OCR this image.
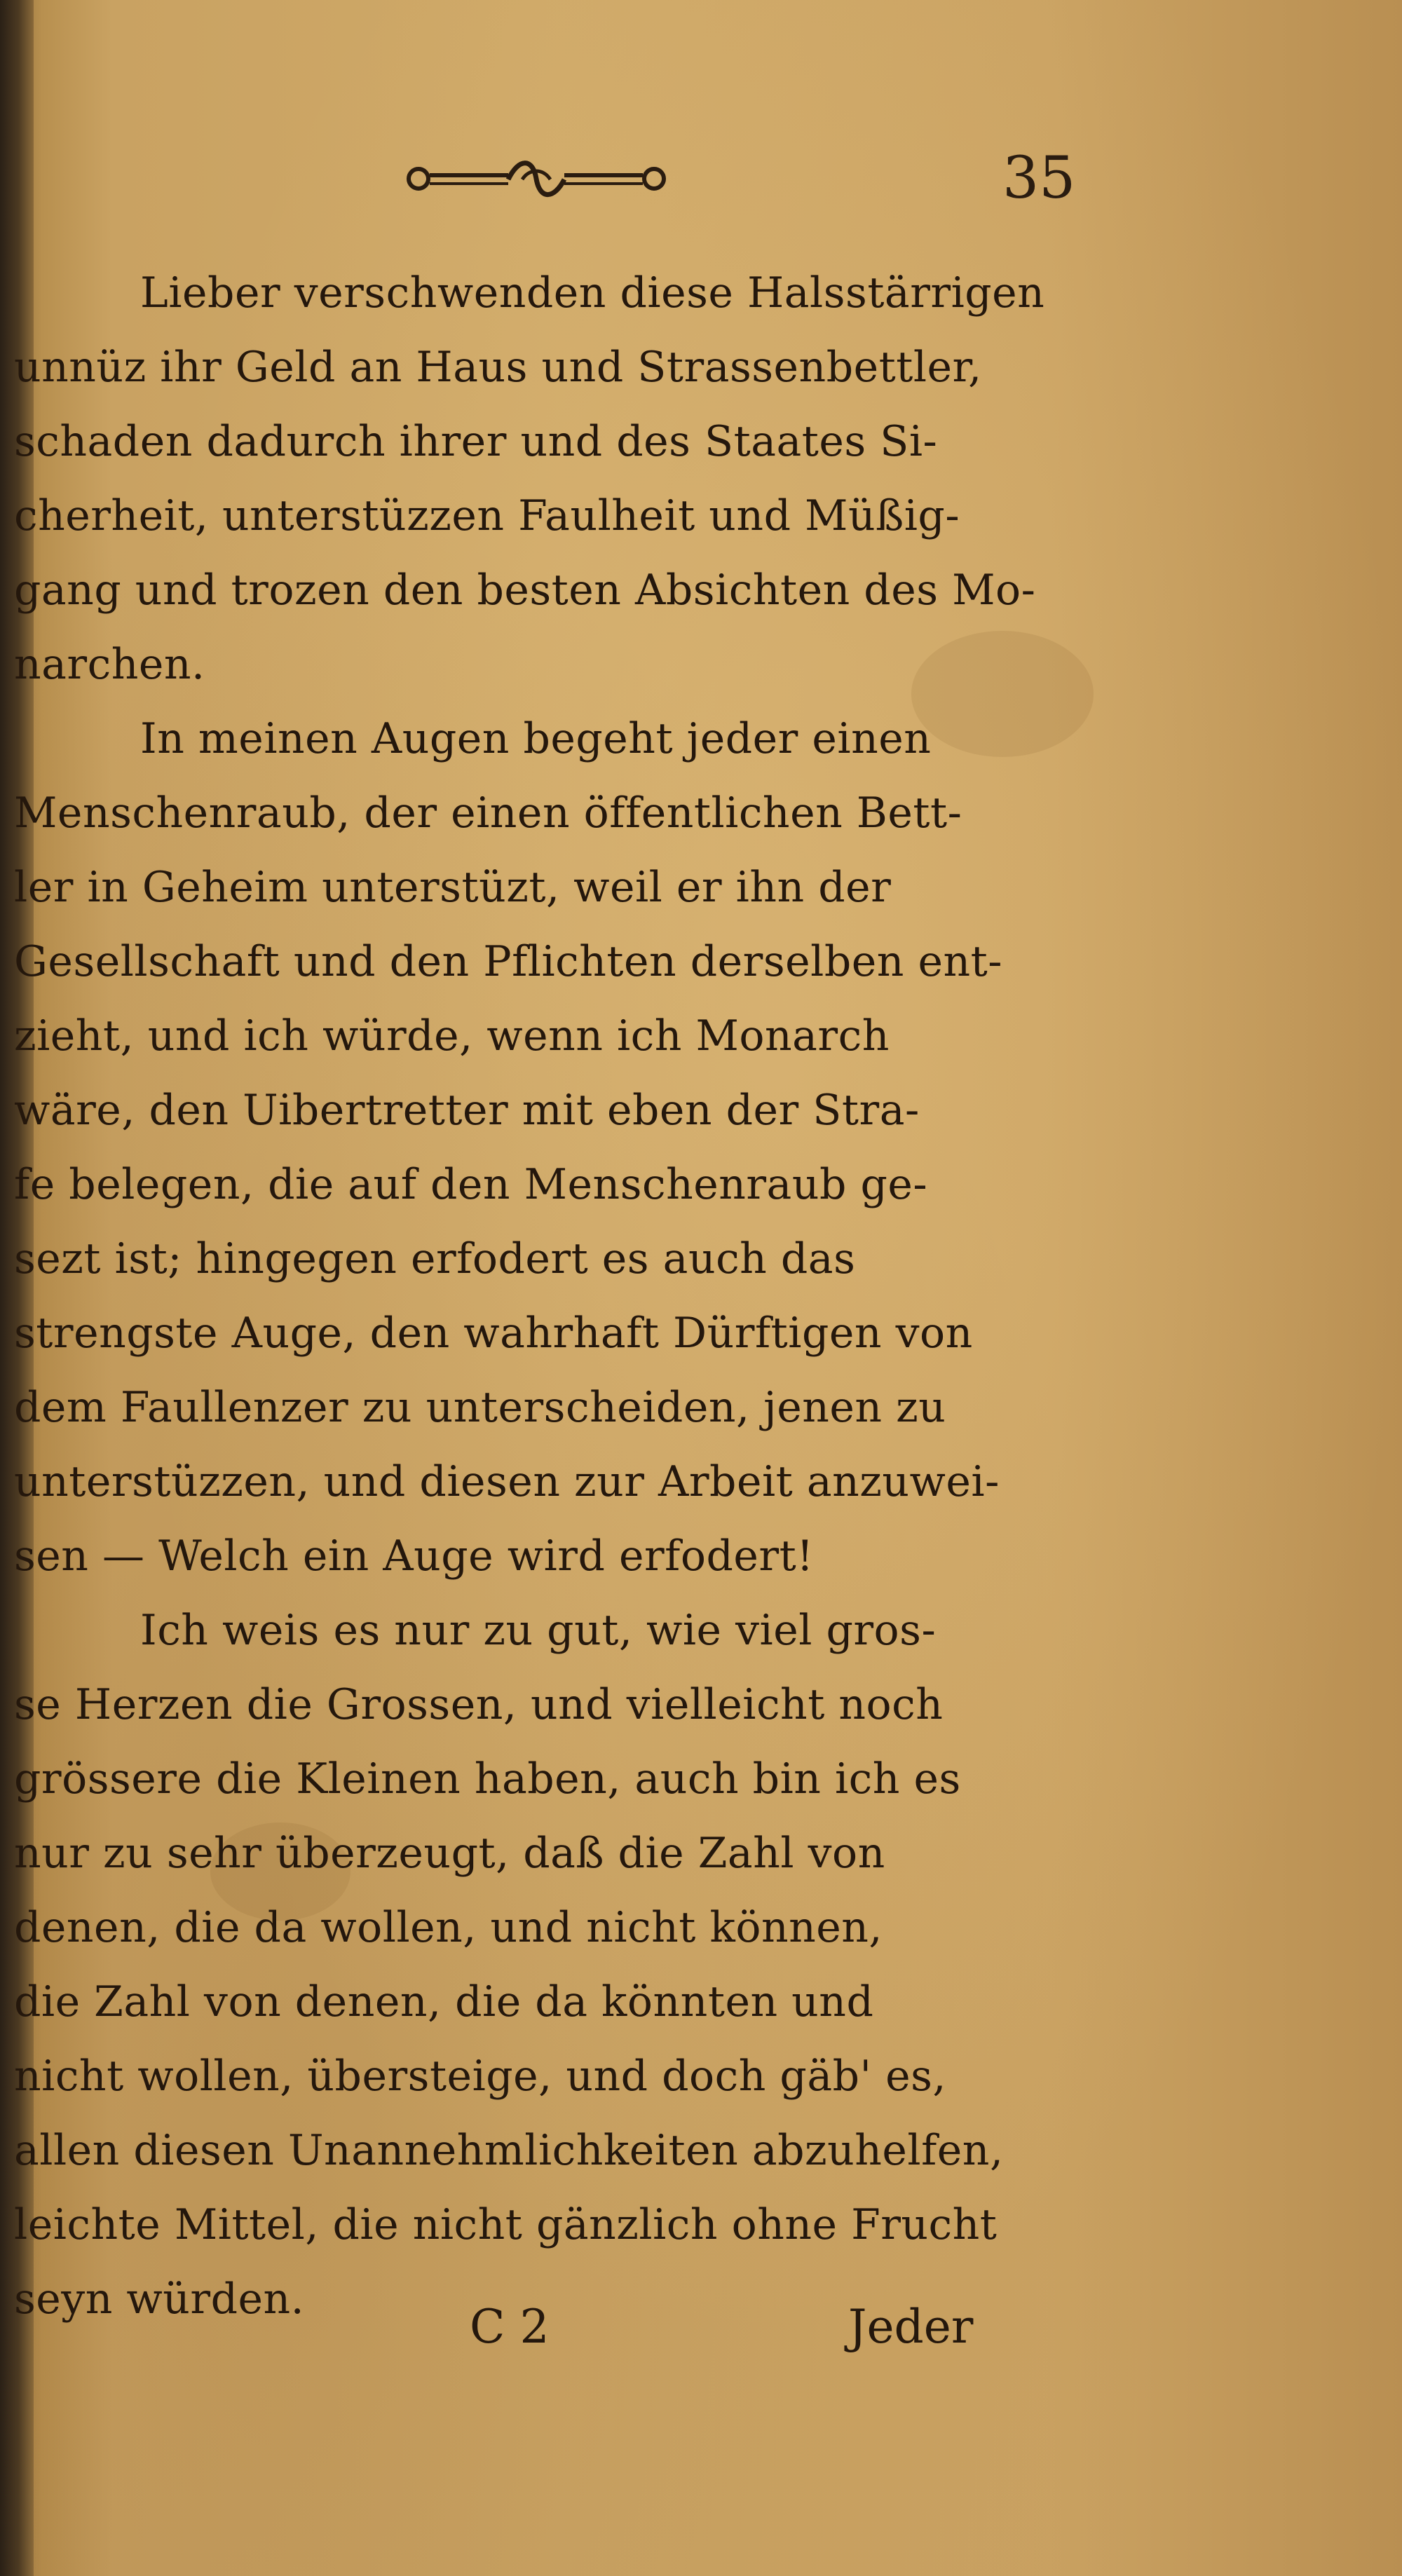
35
Lieber verschwenden diese Halsstärrigen
unnüz ihr Geld an Haus und Strassenbettler,
schaden dadurch ihrer und des Staates Si-
cherheit, unterstüzzen Faulheit und Müßig-
gang und trozen den besten Absichten des Mo-
narchen.
In meinen Augen begeht jeder einen
Menschenraub, der einen öffentlichen Bett-
ler in Geheim unterstüzt, weil er ihn der
Gesellschaft und den Pflichten derselben ent-
zieht, und ich würde, wenn ich Monarch
wäre, den Uibertretter mit eben der Stra-
fe belegen, die auf den Menschenraub ge-
sezt ist; hingegen erfodert es auch das
strengste Auge, den wahrhaft Dürftigen von
dem Faullenzer zu unterscheiden, jenen zu
unterstüzzen, und diesen zur Arbeit anzuwei-
sen — Welch ein Auge wird erfodert!
Ich weis es nur zu gut, wie viel gros-
se Herzen die Grossen, und vielleicht noch
grössere die Kleinen haben, auch bin ich es
nur zu sehr überzeugt, daß die Zahl von
denen, die da wollen, und nicht können,
die Zahl von denen, die da könnten und
nicht wollen, übersteige, und doch gäb' es,
allen diesen Unannehmlichkeiten abzuhelfen,
leichte Mittel, die nicht gänzlich ohne Frucht
seyn würden.
C 2	Jeder
